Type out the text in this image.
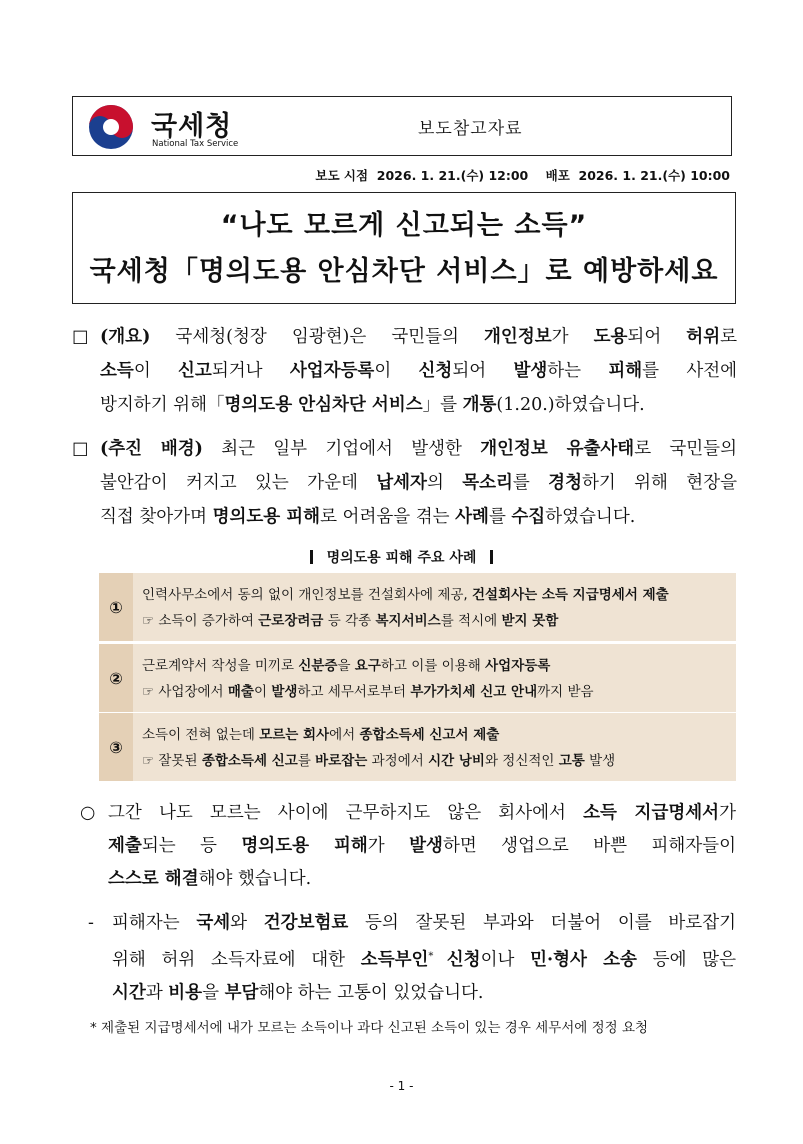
국세청
National Tax Service
보도참고자료
보도 시점  2026. 1. 21.(수) 12:00    배포  2026. 1. 21.(수) 10:00
“나도 모르게 신고되는 소득”
국세청「명의도용 안심차단 서비스」로 예방하세요
□ (개요) 국세청(청장 임광현)은 국민들의 개인정보가 도용되어 허위로
소득이 신고되거나 사업자등록이 신청되어 발생하는 피해를 사전에
방지하기 위해「명의도용 안심차단 서비스」를 개통(1.20.)하였습니다.
□ (추진 배경) 최근 일부 기업에서 발생한 개인정보 유출사태로 국민들의
불안감이 커지고 있는 가운데 납세자의 목소리를 경청하기 위해 현장을
직접 찾아가며 명의도용 피해로 어려움을 겪는 사례를 수집하였습니다.
명의도용 피해 주요 사례
①
인력사무소에서 동의 없이 개인정보를 건설회사에 제공, 건설회사는 소득 지급명세서 제출
☞ 소득이 증가하여 근로장려금 등 각종 복지서비스를 적시에 받지 못함
②
근로계약서 작성을 미끼로 신분증을 요구하고 이를 이용해 사업자등록
☞ 사업장에서 매출이 발생하고 세무서로부터 부가가치세 신고 안내까지 받음
③
소득이 전혀 없는데 모르는 회사에서 종합소득세 신고서 제출
☞ 잘못된 종합소득세 신고를 바로잡는 과정에서 시간 낭비와 정신적인 고통 발생
○ 그간 나도 모르는 사이에 근무하지도 않은 회사에서 소득 지급명세서가
제출되는 등 명의도용 피해가 발생하면 생업으로 바쁜 피해자들이
스스로 해결해야 했습니다.
-	피해자는 국세와 건강보험료 등의 잘못된 부과와 더불어 이를 바로잡기
위해 허위 소득자료에 대한 소득부인* 신청이나 민·형사 소송 등에 많은
시간과 비용을 부담해야 하는 고통이 있었습니다.
* 제출된 지급명세서에 내가 모르는 소득이나 과다 신고된 소득이 있는 경우 세무서에 정정 요청
- 1 -
